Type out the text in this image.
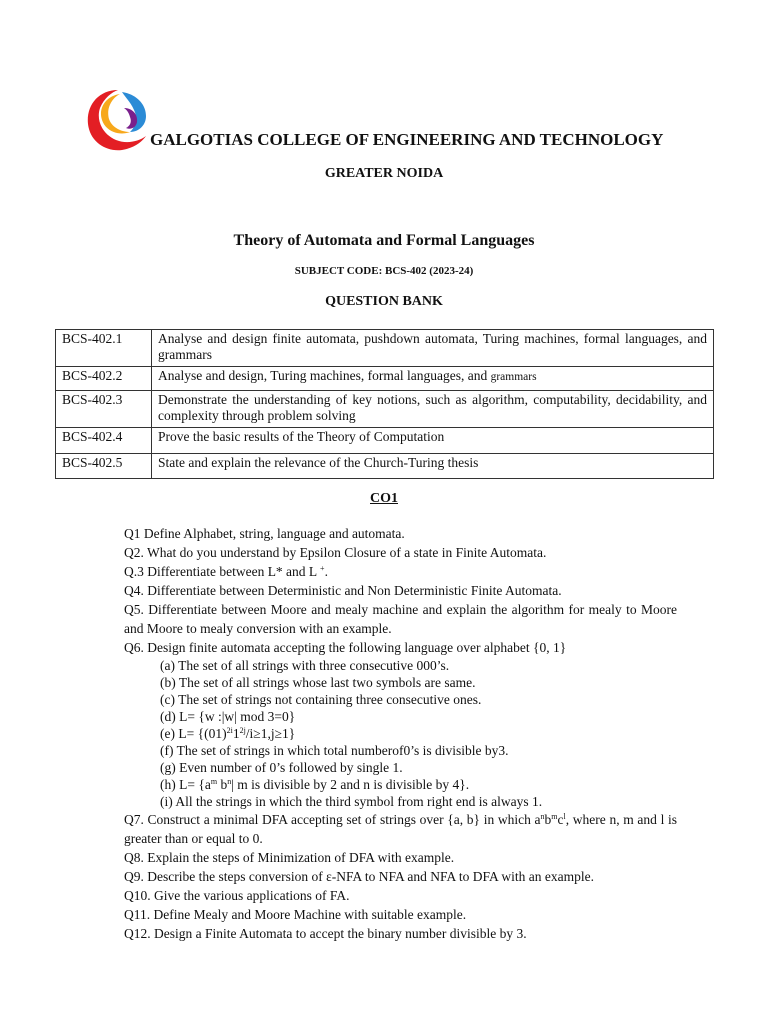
GALGOTIAS COLLEGE OF ENGINEERING AND TECHNOLOGY
GREATER NOIDA
Theory of Automata and Formal Languages
SUBJECT CODE: BCS-402 (2023-24)
QUESTION BANK
BCS-402.1	Analyse and design finite automata, pushdown automata, Turing machines, formal languages, and grammars
BCS-402.2	Analyse and design, Turing machines, formal languages, and grammars
BCS-402.3	Demonstrate the understanding of key notions, such as algorithm, computability, decidability, and complexity through problem solving
BCS-402.4	Prove the basic results of the Theory of Computation
BCS-402.5	State and explain the relevance of the Church-Turing thesis
CO1

Q1 Define Alphabet, string, language and automata.

Q2. What do you understand by Epsilon Closure of a state in Finite Automata.

Q.3 Differentiate between L* and L +.

Q4. Differentiate between Deterministic and Non Deterministic Finite Automata.

Q5. Differentiate between Moore and mealy machine and explain the algorithm for mealy to Moore and Moore to mealy conversion with an example.

Q6. Design finite automata accepting the following language over alphabet {0, 1}

(a) The set of all strings with three consecutive 000’s.

(b) The set of all strings whose last two symbols are same.

(c) The set of strings not containing three consecutive ones.

(d) L= {w :|w| mod 3=0}

(e) $L= \{(01)^{2i}1^{2j}/i\ge 1,j\ge 1\}$

(f) The set of strings in which total numberof0’s is divisible by3.

(g) Even number of 0’s followed by single 1.

(h) $L= \{a^m$ $b^n|$ m is divisible by 2 and n is divisible by 4}.

(i) All the strings in which the third symbol from right end is always 1.

Q7. Construct a minimal DFA accepting set of strings over {a, b} in which $a^nb^mc^l$, where n, m and l is greater than or equal to 0.

Q8. Explain the steps of Minimization of DFA with example.

Q9. Describe the steps conversion of ε-NFA to NFA and NFA to DFA with an example.

Q10. Give the various applications of FA.

Q11. Define Mealy and Moore Machine with suitable example.

Q12. Design a Finite Automata to accept the binary number divisible by 3.
